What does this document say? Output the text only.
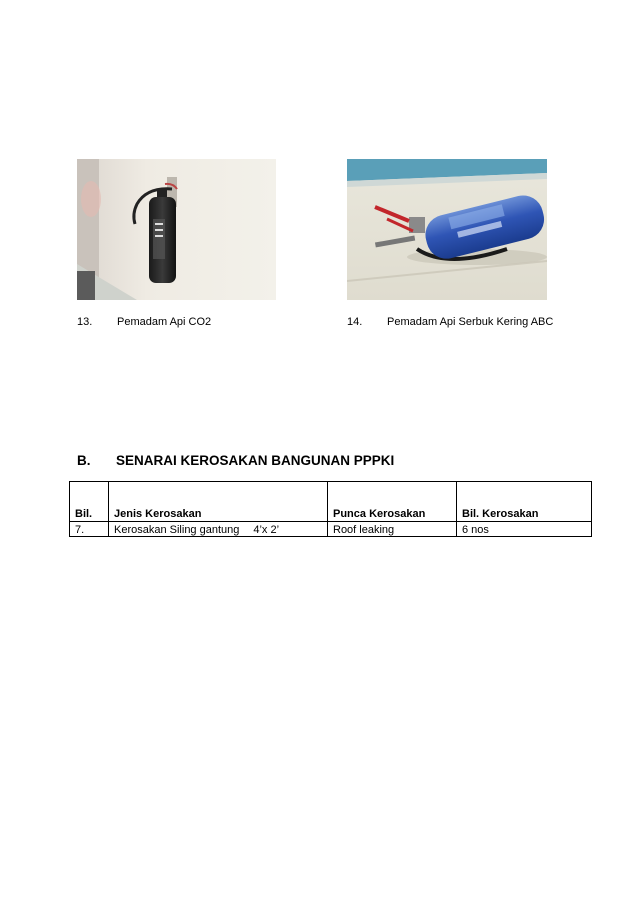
13. Pemadam Api CO2	14. Pemadam Api Serbuk Kering ABC
B. SENARAI KEROSAKAN BANGUNAN PPPKI
Bil.	Jenis Kerosakan	Punca Kerosakan	Bil. Kerosakan
7.	Kerosakan Siling gantung 4’x 2’	Roof leaking	6 nos
